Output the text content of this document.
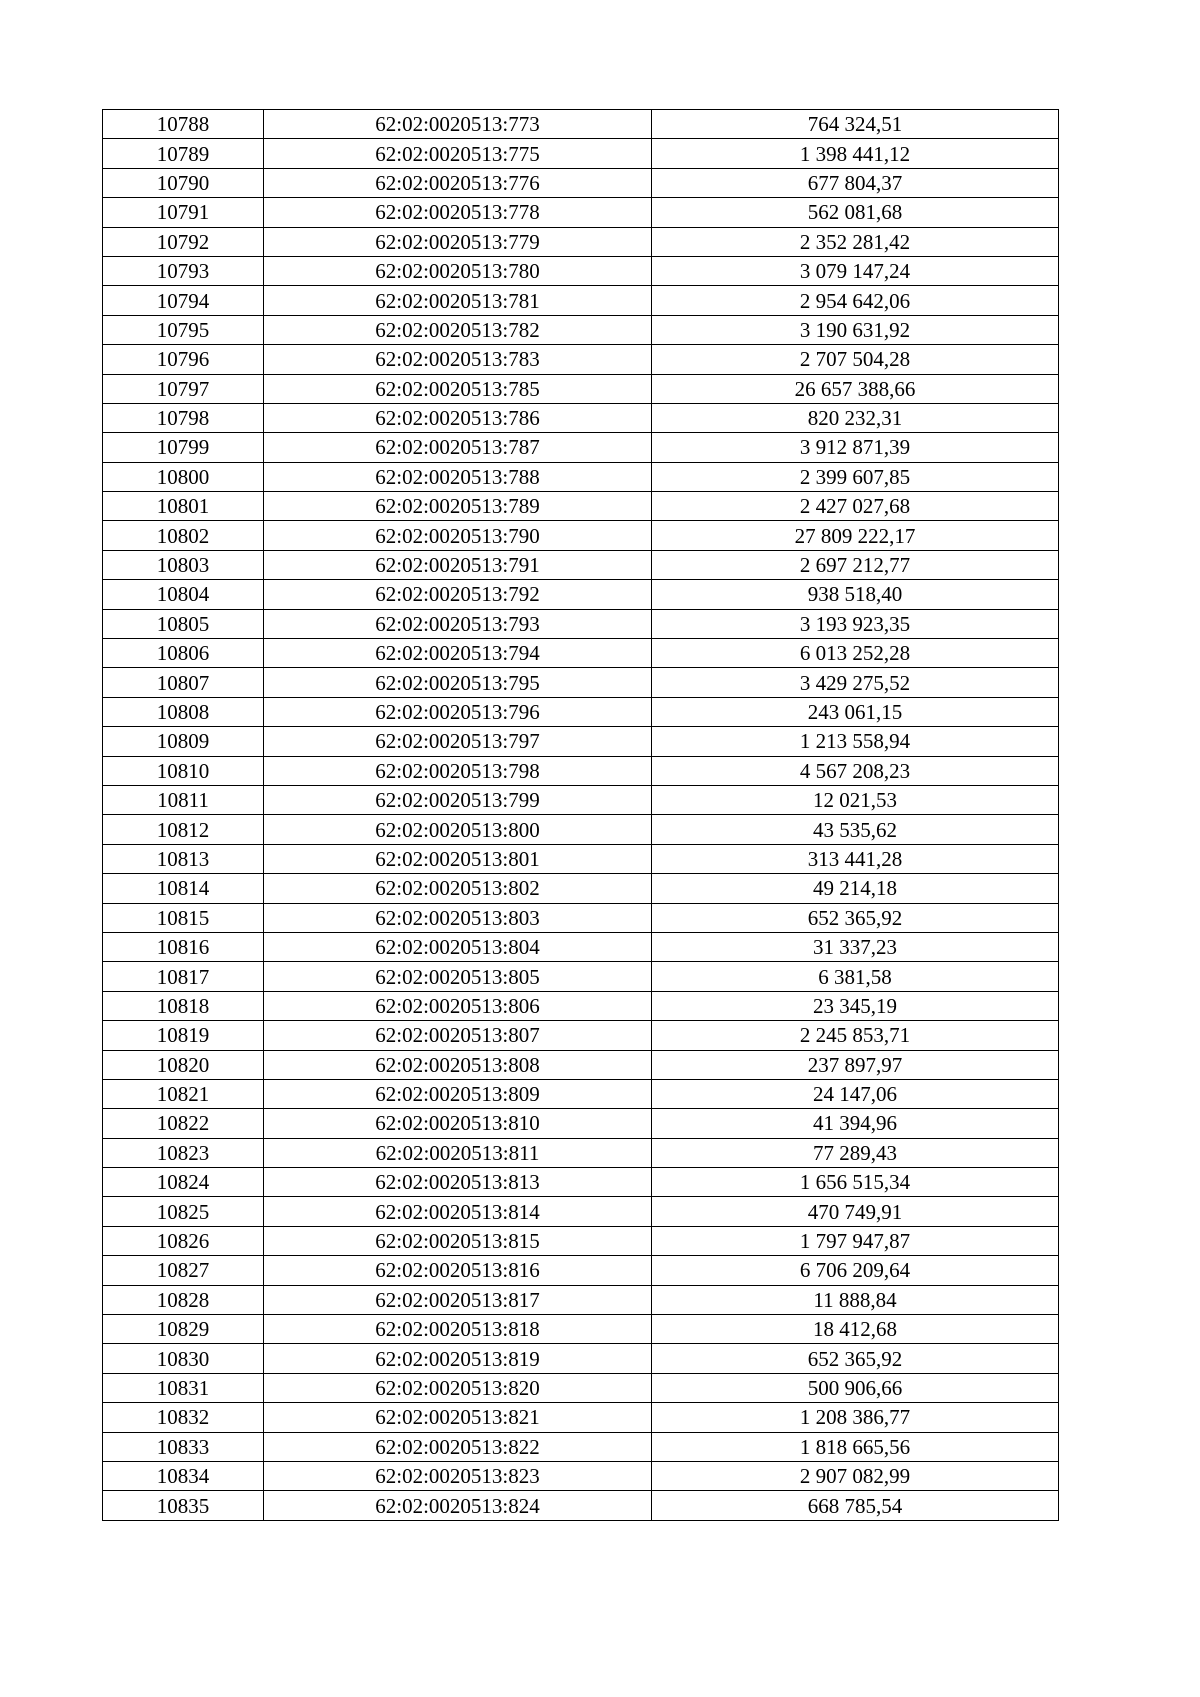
10788	62:02:0020513:773	764 324,51
10789	62:02:0020513:775	1 398 441,12
10790	62:02:0020513:776	677 804,37
10791	62:02:0020513:778	562 081,68
10792	62:02:0020513:779	2 352 281,42
10793	62:02:0020513:780	3 079 147,24
10794	62:02:0020513:781	2 954 642,06
10795	62:02:0020513:782	3 190 631,92
10796	62:02:0020513:783	2 707 504,28
10797	62:02:0020513:785	26 657 388,66
10798	62:02:0020513:786	820 232,31
10799	62:02:0020513:787	3 912 871,39
10800	62:02:0020513:788	2 399 607,85
10801	62:02:0020513:789	2 427 027,68
10802	62:02:0020513:790	27 809 222,17
10803	62:02:0020513:791	2 697 212,77
10804	62:02:0020513:792	938 518,40
10805	62:02:0020513:793	3 193 923,35
10806	62:02:0020513:794	6 013 252,28
10807	62:02:0020513:795	3 429 275,52
10808	62:02:0020513:796	243 061,15
10809	62:02:0020513:797	1 213 558,94
10810	62:02:0020513:798	4 567 208,23
10811	62:02:0020513:799	12 021,53
10812	62:02:0020513:800	43 535,62
10813	62:02:0020513:801	313 441,28
10814	62:02:0020513:802	49 214,18
10815	62:02:0020513:803	652 365,92
10816	62:02:0020513:804	31 337,23
10817	62:02:0020513:805	6 381,58
10818	62:02:0020513:806	23 345,19
10819	62:02:0020513:807	2 245 853,71
10820	62:02:0020513:808	237 897,97
10821	62:02:0020513:809	24 147,06
10822	62:02:0020513:810	41 394,96
10823	62:02:0020513:811	77 289,43
10824	62:02:0020513:813	1 656 515,34
10825	62:02:0020513:814	470 749,91
10826	62:02:0020513:815	1 797 947,87
10827	62:02:0020513:816	6 706 209,64
10828	62:02:0020513:817	11 888,84
10829	62:02:0020513:818	18 412,68
10830	62:02:0020513:819	652 365,92
10831	62:02:0020513:820	500 906,66
10832	62:02:0020513:821	1 208 386,77
10833	62:02:0020513:822	1 818 665,56
10834	62:02:0020513:823	2 907 082,99
10835	62:02:0020513:824	668 785,54
